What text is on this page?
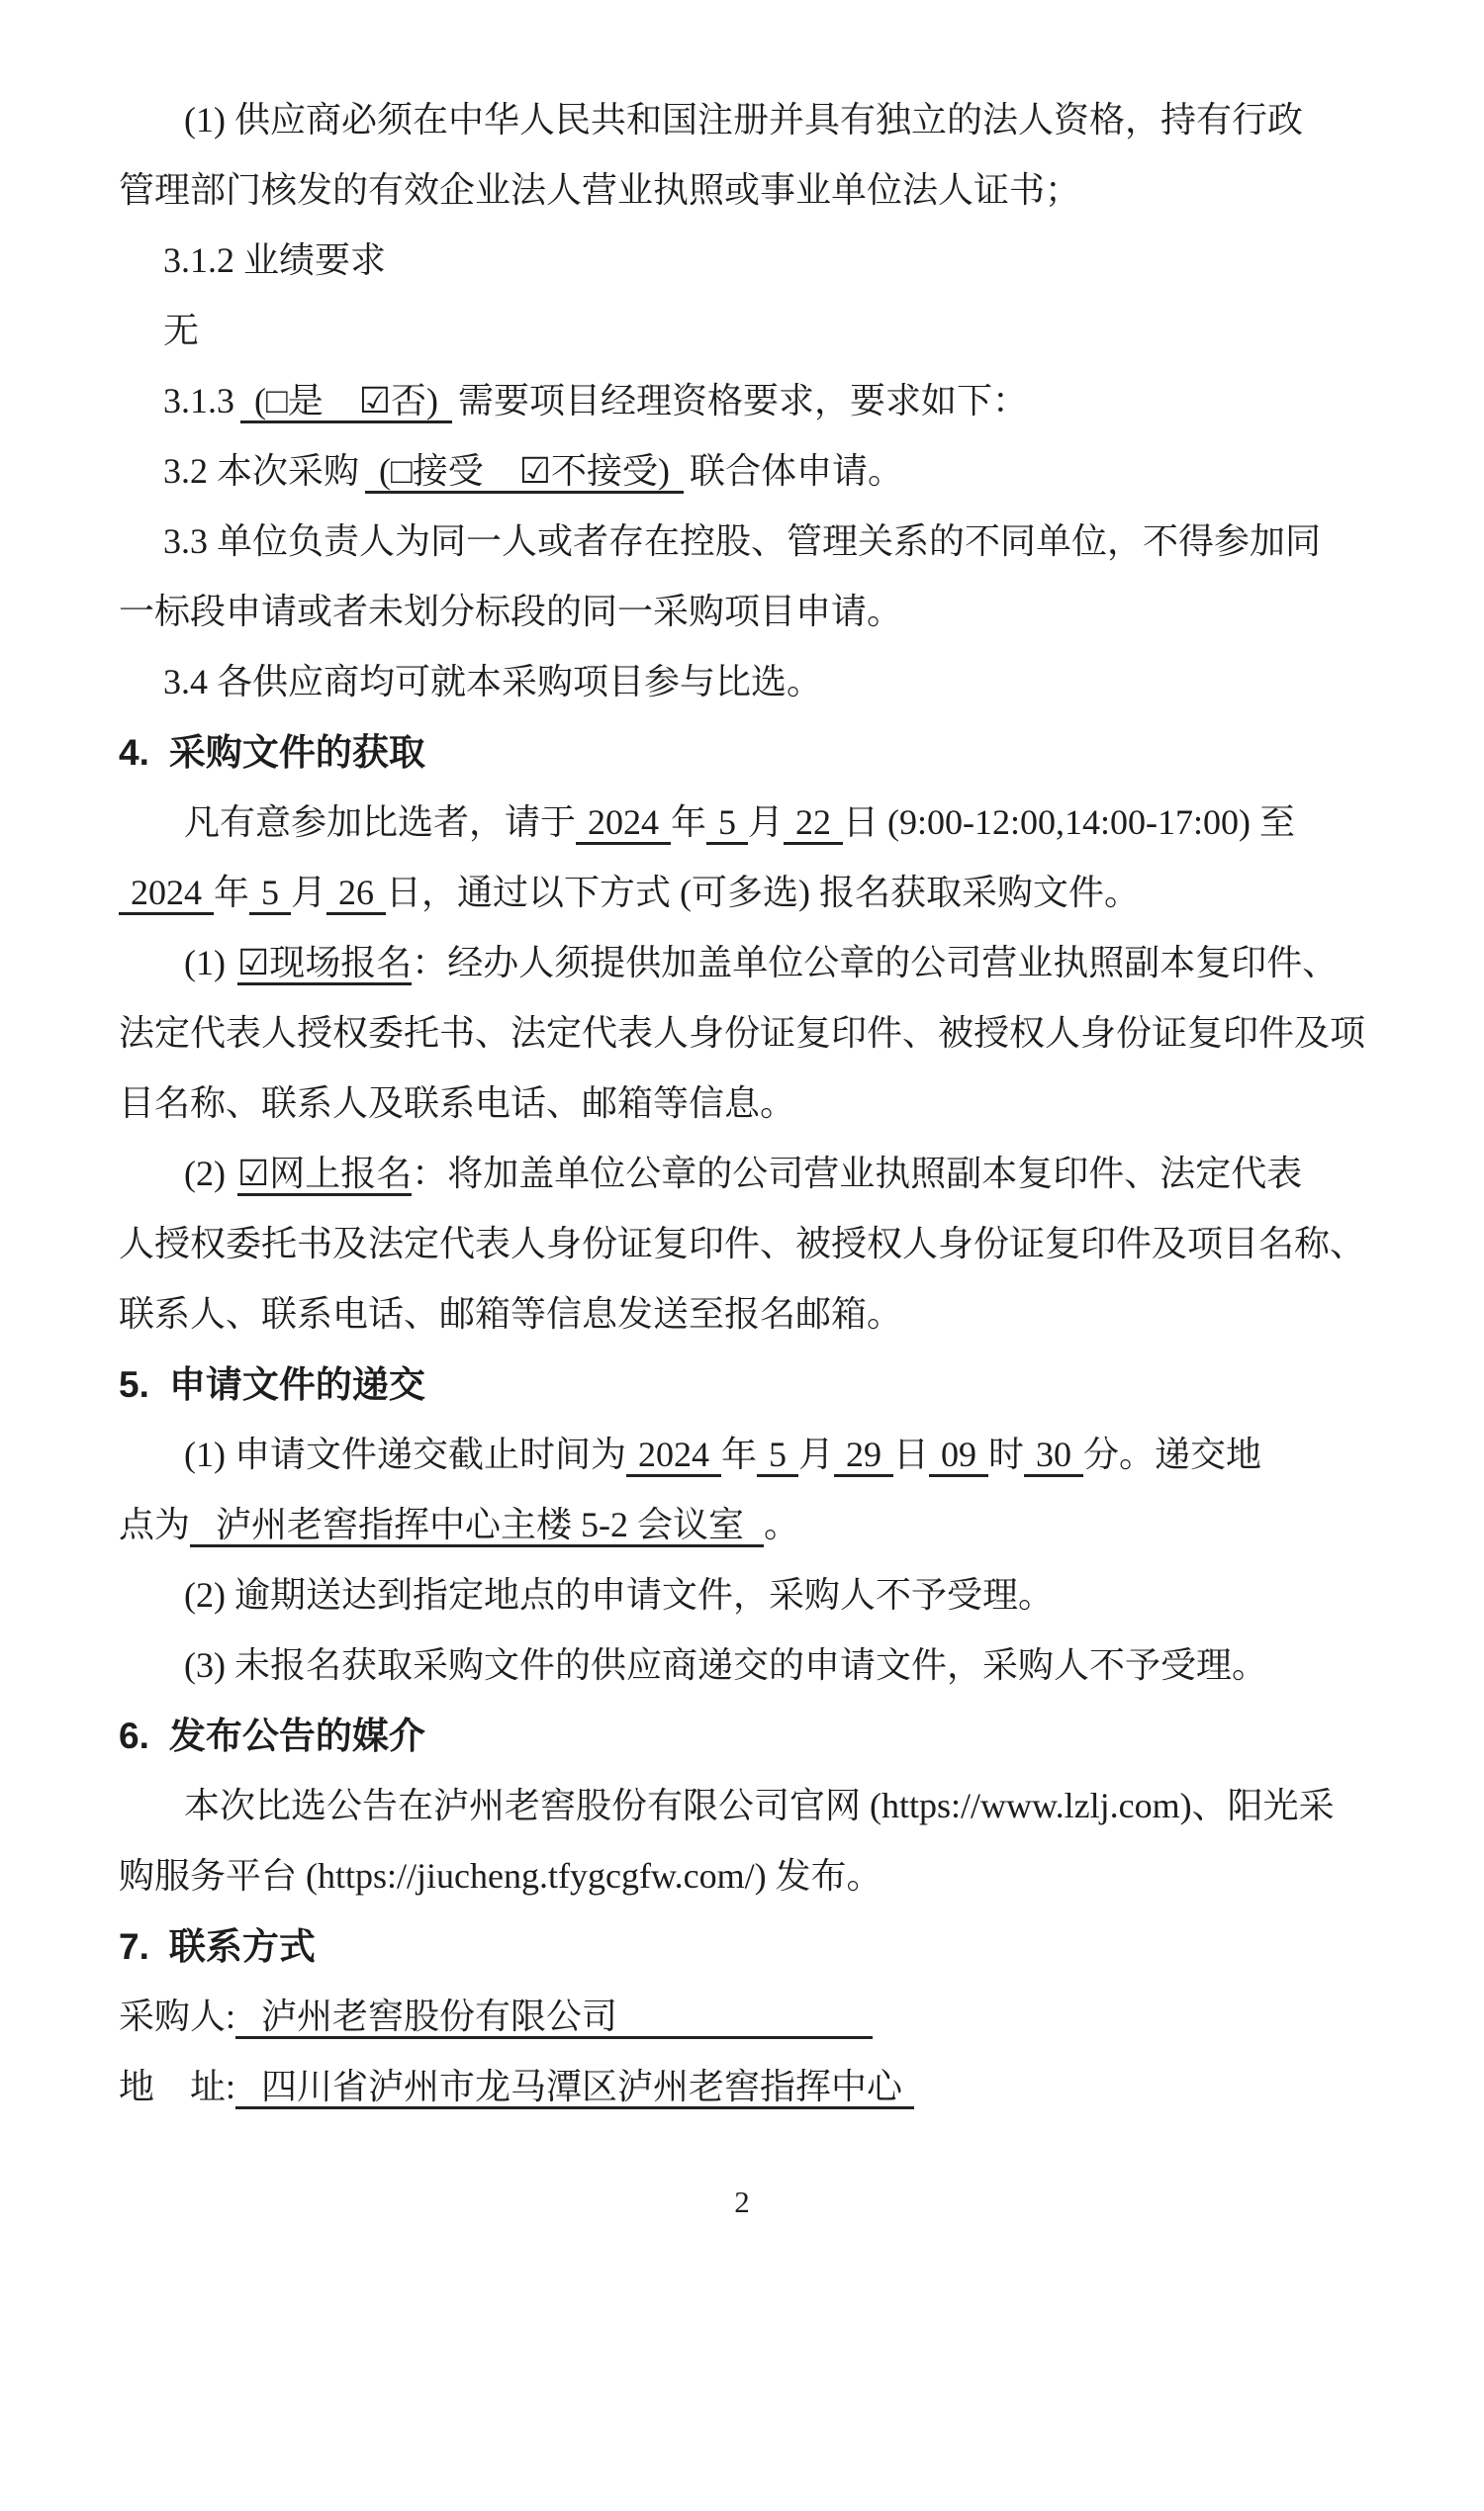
(1) 供应商必须在中华人民共和国注册并具有独立的法人资格，持有行政
管理部门核发的有效企业法人营业执照或事业单位法人证书；
3.1.2 业绩要求
无
3.1.3 (□是　☑否) 需要项目经理资格要求，要求如下：
3.2 本次采购 (□接受　☑不接受) 联合体申请。
3.3 单位负责人为同一人或者存在控股、管理关系的不同单位，不得参加同
一标段申请或者未划分标段的同一采购项目申请。
3.4 各供应商均可就本采购项目参与比选。
4. 采购文件的获取
凡有意参加比选者，请于 2024 年 5 月 22 日 (9:00-12:00,14:00-17:00) 至
2024 年 5 月 26 日，通过以下方式 (可多选) 报名获取采购文件。
(1) ☑现场报名：经办人须提供加盖单位公章的公司营业执照副本复印件、
法定代表人授权委托书、法定代表人身份证复印件、被授权人身份证复印件及项
目名称、联系人及联系电话、邮箱等信息。
(2) ☑网上报名：将加盖单位公章的公司营业执照副本复印件、法定代表
人授权委托书及法定代表人身份证复印件、被授权人身份证复印件及项目名称、
联系人、联系电话、邮箱等信息发送至报名邮箱。
5. 申请文件的递交
(1) 申请文件递交截止时间为 2024 年 5 月 29 日 09 时 30 分。递交地
点为 泸州老窖指挥中心主楼 5-2 会议室 。
(2) 逾期送达到指定地点的申请文件，采购人不予受理。
(3) 未报名获取采购文件的供应商递交的申请文件，采购人不予受理。
6. 发布公告的媒介
本次比选公告在泸州老窖股份有限公司官网 (https://www.lzlj.com)、阳光采
购服务平台 (https://jiucheng.tfygcgfw.com/) 发布。
7. 联系方式
采购人: 泸州老窖股份有限公司
地　址: 四川省泸州市龙马潭区泸州老窖指挥中心
2
